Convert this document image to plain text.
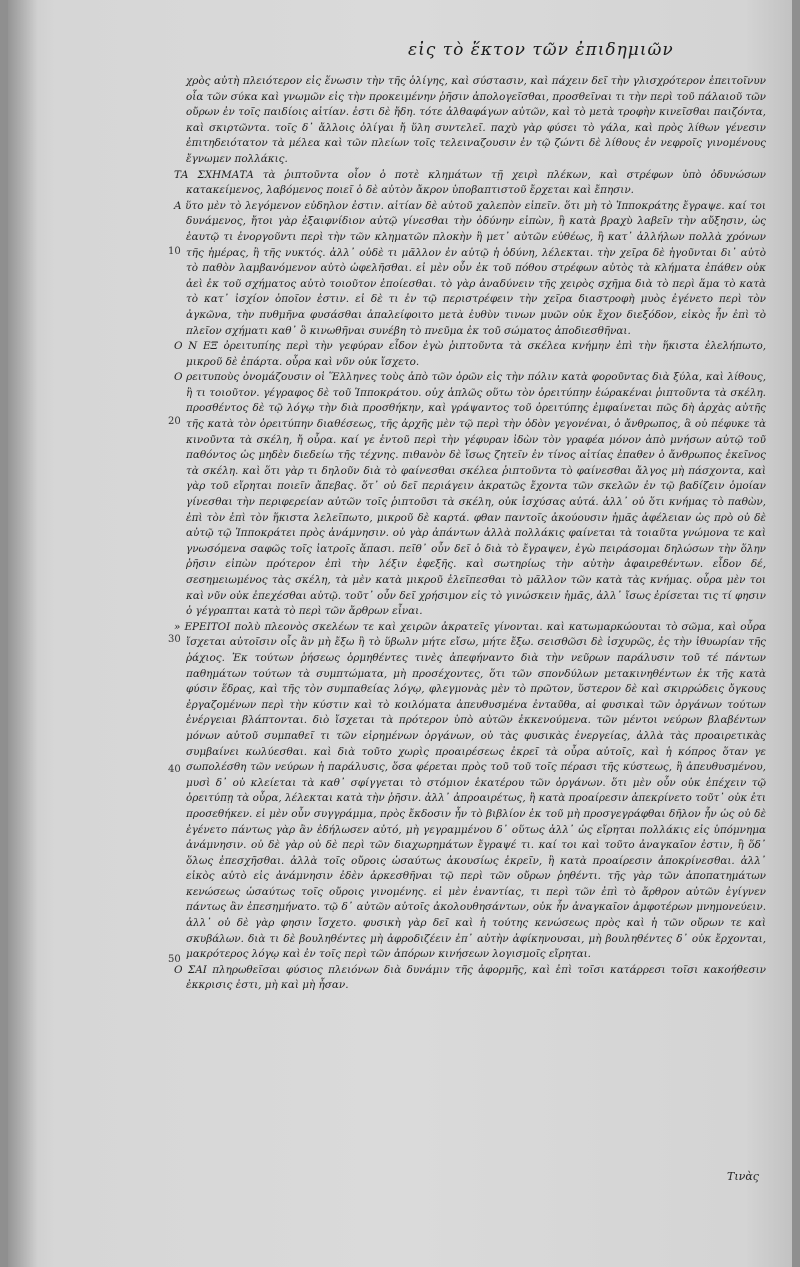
εἰς τὸ ἕκτον τῶν ἐπιδημιῶν
10
20
30
40
50

χρὸς αὐτὴ πλειότερον εἰς ἕνωσιν τὴν τῆς ὁλίγης, καὶ σύστασιν, καὶ πάχειν δεῖ τὴν γλισχρότερον ἐπειτοῖνυν οἷα τῶν σύκα καὶ γνωμῶν εἰς τὴν προκειμένην ῥῆσιν ἀπολογεῖσθαι, προσθεῖναι τι τὴν περὶ τοῦ πάλαιοῦ τῶν οὔρων ἐν τοῖς παιδίοις αἰτίαν. ἐστι δὲ ἤδη. τότε ἀλθαφάγων αὐτῶν, καὶ τὸ μετὰ τροφὴν κινεῖσθαι παιζόντα, καὶ σκιρτῶντα. τοῖς δ᾽ ἄλλοις ὀλίγαι ἤ ὕλη συντελεῖ. παχὺ γὰρ φύσει τὸ γάλα, καὶ πρὸς λίθων γένεσιν ἐπιτηδειότατον τὰ μέλεα καὶ τῶν πλείων τοῖς τελειναζουσιν ἐν τῷ ζώντι δὲ λίθους ἐν νεφροῖς γινομένους ἔγνωμεν πολλάκις.

ΤΑ ΣΧΗΜΑΤΑ τὰ ῥιπτοῦντα οἷον ὁ ποτὲ κλημάτων τῇ χειρὶ πλέκων, καὶ στρέφων ὑπὸ ὀδυνώσων κατακείμενος, λαβόμενος ποιεῖ ὁ δὲ αὐτὸν ἄκρον ὑποβαπτιστοῦ ἔρχεται καὶ ἔπησιν.

Α ὕτο μὲν τὸ λεγόμενον εὐδηλον ἐστιν. αἰτίαν δὲ αὐτοῦ χαλεπὸν εἰπεῖν. ὅτι μὴ τὸ Ἱπποκράτης ἔγραψε. καί τοι δυνάμενος, ἤτοι γὰρ ἐξαιφνίδιον αὐτῷ γίνεσθαι τὴν ὀδύνην εἰπὼν, ἢ κατὰ βραχὺ λαβεῖν τὴν αὔξησιν, ὡς ἑαυτῷ τι ἐνοργοῦντι περὶ τὴν τῶν κληματῶν πλοκὴν ἢ μετ᾽ αὐτῶν εὐθέως, ἢ κατ᾽ ἀλλήλων πολλὰ χρόνων τῆς ἡμέρας, ἢ τῆς νυκτός. ἀλλ᾽ οὐδὲ τι μᾶλλον ἐν αὐτῷ ἡ ὀδύνη, λέλεκται. τὴν χεῖρα δὲ ἡγοῦνται δι᾽ αὐτὸ τὸ παθὸν λαμβανόμενον αὐτὸ ὠφελῆσθαι. εἰ μὲν οὖν ἐκ τοῦ πόθου στρέφων αὐτὸς τὰ κλήματα ἐπάθεν οὐκ ἀεὶ ἐκ τοῦ σχήματος αὐτὸ τοιοῦτον ἐποίεσθαι. τὸ γὰρ ἀναδύνειν τῆς χειρὸς σχῆμα διὰ τὸ περὶ ἅμα τὸ κατὰ τὸ κατ᾽ ἰσχίον ὁποῖον ἐστιν. εἰ δὲ τι ἐν τῷ περιστρέφειν τὴν χεῖρα διαστροφὴ μυὸς ἐγένετο περὶ τὸν ἀγκῶνα, τὴν πυθμῆνα φυσάσθαι ἀπαλείφοιτο μετὰ ἐυθὺν τινων μυῶν οὐκ ἔχον διεξόδον, εἰκὸς ἦν ἐπὶ τὸ πλεῖον σχήματι καθ᾽ ὃ κινωθῆναι συνέβη τὸ πνεῦμα ἐκ τοῦ σώματος ἀποδιεσθῆναι.

Ο Ν ΕΞ ὀρειτυπίης περὶ τὴν γεφύραν εἶδον ἐγὼ ῥιπτοῦντα τὰ σκέλεα κνήμην ἐπὶ τὴν ἥκιστα ἐλελήπωτο, μικροῦ δὲ ἐπάρτα. οὖρα καὶ νῦν οὐκ ἴσχετο.

Ο ρειτυποὺς ὀνομάζουσιν οἱ Ἕλληνες τοὺς ἀπὸ τῶν ὀρῶν εἰς τὴν πόλιν κατὰ φοροῦντας διὰ ξύλα, καὶ λίθους, ἢ τι τοιοῦτον. γέγραφος δὲ τοῦ Ἱπποκράτου. οὐχ ἁπλῶς οὕτω τὸν ὀρειτύπην ἑώρακέναι ῥιπτοῦντα τὰ σκέλη. προσθέντος δὲ τῷ λόγῳ τὴν διὰ προσθήκην, καὶ γράψαντος τοῦ ὀρειτύπης ἐμφαίνεται πῶς δὴ ἀρχὰς αὐτῆς τῆς κατὰ τὸν ὀρειτύπην διαθέσεως, τῆς ἀρχῆς μὲν τῷ περὶ τὴν ὁδὸν γεγονέναι, ὁ ἄνθρωπος, ἃ οὐ πέφυκε τὰ κινοῦντα τὰ σκέλη, ἤ οὖρα. καί γε ἐντοῦ περὶ τὴν γέφυραν ἰδὼν τὸν γραφέα μόνον ἀπὸ μνήσων αὐτῷ τοῦ παθόντος ὡς μηδὲν διεδείω τῆς τέχνης. πιθανὸν δὲ ἴσως ζητεῖν ἐν τίνος αἰτίας ἐπαθεν ὁ ἄνθρωπος ἐκεῖνος τὰ σκέλη. καὶ ὅτι γὰρ τι δηλοῦν διὰ τὸ φαίνεσθαι σκέλεα ῥιπτοῦντα τὸ φαίνεσθαι ἄλγος μὴ πάσχοντα, καὶ γὰρ τοῦ εἴρηται ποιεῖν ἄπεβας. ὅτ᾽ οὐ δεῖ περιάγειν ἀκρατῶς ἔχοντα τῶν σκελῶν ἐν τῷ βαδίζειν ὁμοίαν γίνεσθαι τὴν περιφερείαν αὐτῶν τοῖς ῥιπτοῦσι τὰ σκέλη, οὐκ ἰσχύσας αὐτά. ἀλλ᾽ οὐ ὅτι κνήμας τὸ παθὼν, ἐπὶ τὸν ἐπὶ τὸν ἥκιστα λελεῖπωτο, μικροῦ δὲ καρτά. φθαν παντοῖς ἀκούουσιν ἡμᾶς ἀφέλειαν ὡς πρὸ οὐ δὲ αὐτῷ τῷ Ἱπποκράτει πρὸς ἀνάμνησιν. οὐ γὰρ ἀπάντων ἀλλὰ πολλάκις φαίνεται τὰ τοιαῦτα γνώμονα τε καὶ γνωσόμενα σαφῶς τοῖς ἰατροῖς ἅπασι. πεῖθ᾽ οὖν δεῖ ὁ διὰ τὸ ἔγραψεν, ἐγὼ πειράσομαι δηλώσων τὴν ὅλην ῥῆσιν εἰπὼν πρότερον ἐπὶ τὴν λέξιν ἐφεξῆς. καὶ σωτηρίως τὴν αὐτὴν ἀφαιρεθέντων. εἶδον δέ, σεσημειωμένος τὰς σκέλη, τὰ μὲν κατὰ μικροῦ ἐλεῖπεσθαι τὸ μᾶλλον τῶν κατὰ τὰς κνήμας. οὖρα μὲν τοι καὶ νῦν οὐκ ἐπεχέσθαι αὐτῷ. τοῦτ᾽ οὖν δεῖ χρήσιμον εἰς τὸ γινώσκειν ἡμᾶς, ἀλλ᾽ ἴσως ἐρίσεται τις τί φησιν ὁ γέγραπται κατὰ τὸ περὶ τῶν ἄρθρων εἶναι.

» ΕΡΕΙΤΟΙ πολὺ πλεονὸς σκελέων τε καὶ χειρῶν ἀκρατεῖς γίνονται. καὶ κατωμαρκώουται τὸ σῶμα, καὶ οὖρα ἴσχεται αὐτοῖσιν οἷς ἂν μὴ ἔξω ἢ τὸ ὕβωλν μήτε εἴσω, μήτε ἔξω. σεισθῶσι δὲ ἰσχυρῶς, ἐς τὴν ἰθυωρίαν τῆς ῥάχιος. Ἐκ τούτων ῥήσεως ὁρμηθέντες τινὲς ἀπεφήναντο διὰ τὴν νεῦρων παράλυσιν τοῦ τέ πάντων παθημάτων τούτων τὰ συμπτώματα, μὴ προσέχοντες, ὅτι τῶν σπονδύλων μετακινηθέντων ἐκ τῆς κατὰ φύσιν ἕδρας, καὶ τῆς τὸν συμπαθείας λόγῳ, φλεγμονὰς μὲν τὸ πρῶτον, ὕστερον δὲ καὶ σκιρρώδεις ὄγκους ἐργαζομένων περὶ τὴν κύστιν καὶ τὸ κοιλόματα ἀπευθυσμένα ἐνταῦθα, αἱ φυσικαὶ τῶν ὀργάνων τούτων ἐνέργειαι βλάπτονται. διὸ ἴσχεται τὰ πρότερον ὑπὸ αὐτῶν ἐκκενούμενα. τῶν μέντοι νεύρων βλαβέντων μόνων αὐτοῦ συμπαθεῖ τι τῶν εἰρημένων ὀργάνων, οὐ τὰς φυσικὰς ἐνεργείας, ἀλλὰ τὰς προαιρετικὰς συμβαίνει κωλύεσθαι. καὶ διὰ τοῦτο χωρὶς προαιρέσεως ἐκρεῖ τὰ οὖρα αὐτοῖς, καὶ ἡ κόπρος ὅταν γε σωπολέσθη τῶν νεύρων ἡ παράλυσις, ὅσα φέρεται πρὸς τοῦ τοῦ τοῖς πέρασι τῆς κύστεως, ἢ ἀπευθυσμένου, μυσὶ δ᾽ οὐ κλείεται τὰ καθ᾽ σφίγγεται τὸ στόμιον ἑκατέρου τῶν ὀργάνων. ὅτι μὲν οὖν οὐκ ἐπέχειν τῷ ὀρειτύπῃ τὰ οὖρα, λέλεκται κατὰ τὴν ῥῆσιν. ἀλλ᾽ ἀπροαιρέτως, ἢ κατὰ προαίρεσιν ἀπεκρίνετο τοῦτ᾽ οὐκ ἐτι προσεθήκεν. εἰ μὲν οὖν συγγράμμα, πρὸς ἔκδοσιν ἦν τὸ βιβλίον ἐκ τοῦ μὴ προσγεγράφθαι δῆλον ἦν ὡς οὐ δὲ ἐγένετο πάντως γὰρ ἂν ἐδήλωσεν αὐτό, μὴ γεγραμμένου δ᾽ οὕτως ἀλλ᾽ ὡς εἴρηται πολλάκις εἰς ὑπόμνημα ἀνάμνησιν. οὐ δὲ γὰρ οὐ δὲ περὶ τῶν διαχωρημάτων ἔγραψέ τι. καί τοι καὶ τοῦτο ἀναγκαῖον ἐστιν, ἢ ὅδ᾽ ὅλως ἐπεσχῆσθαι. ἀλλὰ τοῖς οὔροις ὡσαύτως ἀκουσίως ἐκρεῖν, ἢ κατὰ προαίρεσιν ἀποκρίνεσθαι. ἀλλ᾽ εἰκὸς αὐτὸ εἰς ἀνάμνησιν ἐδὲν ἀρκεσθῆναι τῷ περὶ τῶν οὔρων ῥηθέντι. τῆς γὰρ τῶν ἀποπατημάτων κενώσεως ὡσαύτως τοῖς οὔροις γινομένης. εἰ μὲν ἐναντίας, τι περὶ τῶν ἐπὶ τὸ ἄρθρον αὐτῶν ἐγίγνεν πάντως ἂν ἐπεσημήνατο. τῷ δ᾽ αὐτῶν αὐτοῖς ἀκολουθησάντων, οὐκ ἦν ἀναγκαῖον ἀμφοτέρων μνημονεύειν. ἀλλ᾽ οὐ δὲ γὰρ φησιν ἴσχετο. φυσικὴ γὰρ δεῖ καὶ ἡ τούτης κενώσεως πρὸς καὶ ἡ τῶν οὔρων τε καὶ σκυβάλων. διὰ τι δὲ βουληθέντες μὴ ἀφροδιζέειν ἐπ᾽ αὐτὴν ἀφίκηνουσαι, μὴ βουληθέντες δ᾽ οὐκ ἔρχονται, μακρότερος λόγῳ καὶ ἐν τοῖς περὶ τῶν ἀπόρων κινήσεων λογισμοῖς εἴρηται.

Ο ΣΑΙ πληρωθεῖσαι φύσιος πλειόνων διὰ δυνάμιν τῆς ἀφορμῆς, καὶ ἐπὶ τοῖσι κατάρρεσι τοῖσι κακοήθεσιν ἐκκρισις ἐστι, μὴ καὶ μὴ ἦσαν.

Τινὰς
